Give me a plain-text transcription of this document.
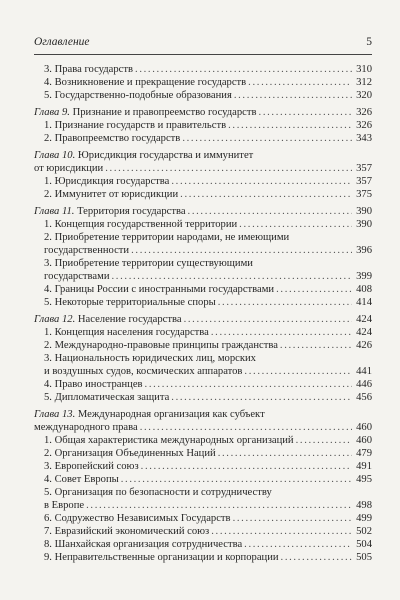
Оглавление	5
3. Права государств . . .	310
4. Возникновение и прекращение государств . . .	312
5. Государственно-подобные образования . . .	320
Глава 9. Признание и правопреемство государств . . .	326
1. Признание государств и правительств . . .	326
2. Правопреемство государств . . .	343
Глава 10. Юрисдикция государства и иммунитет
от юрисдикции . . .	357
1. Юрисдикция государства . . .	357
2. Иммунитет от юрисдикции . . .	375
Глава 11. Территория государства . . .	390
1. Концепция государственной территории . . .	390
2. Приобретение территории народами, не имеющими
государственности . . .	396
3. Приобретение территории существующими
государствами . . .	399
4. Границы России с иностранными государствами . . .	408
5. Некоторые территориальные споры . . .	414
Глава 12. Население государства . . .	424
1. Концепция населения государства . . .	424
2. Международно-правовые принципы гражданства . . .	426
3. Национальность юридических лиц, морских
и воздушных судов, космических аппаратов . . .	441
4. Право иностранцев . . .	446
5. Дипломатическая защита . . .	456
Глава 13. Международная организация как субъект
международного права . . .	460
1. Общая характеристика международных организаций . . .	460
2. Организация Объединенных Наций . . .	479
3. Европейский союз . . .	491
4. Совет Европы . . .	495
5. Организация по безопасности и сотрудничеству
в Европе . . .	498
6. Содружество Независимых Государств . . .	499
7. Евразийский экономический союз . . .	502
8. Шанхайская организация сотрудничества . . .	504
9. Неправительственные организации и корпорации . . .	505
